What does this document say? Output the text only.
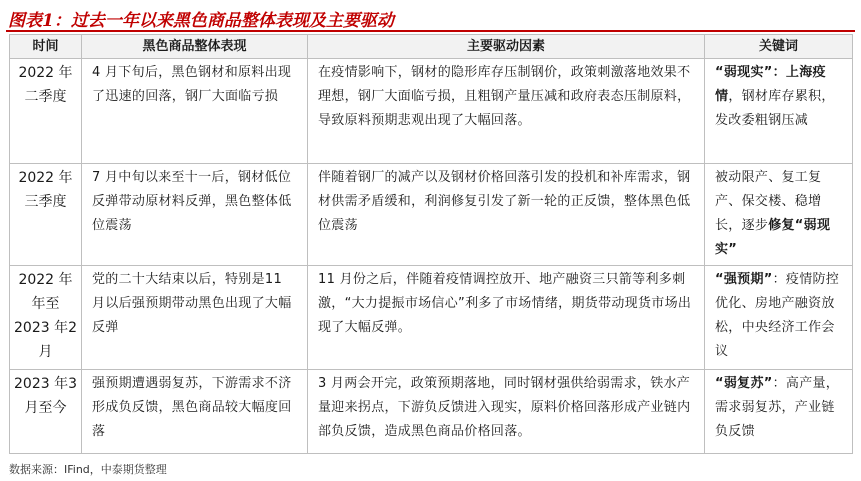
图表1：过去一年以来黑色商品整体表现及主要驱动
时间	黑色商品整体表现	主要驱动因素	关键词
2022 年二季度	4 月下旬后，黑色钢材和原料出现了迅速的回落，钢厂大面临亏损	在疫情影响下，钢材的隐形库存压制钢价，政策刺激落地效果不理想，钢厂大面临亏损，且粗钢产量压减和政府表态压制原料，导致原料预期悲观出现了大幅回落。	“弱现实”：上海疫情，钢材库存累积，发改委粗钢压减
2022 年三季度	7 月中旬以来至十一后，钢材低位反弹带动原材料反弹，黑色整体低位震荡	伴随着钢厂的减产以及钢材价格回落引发的投机和补库需求，钢材供需矛盾缓和，利润修复引发了新一轮的正反馈，整体黑色低位震荡	被动限产、复工复产、保交楼、稳增长，逐步修复“弱现实”
2022 年年至2023 年2 月	党的二十大结束以后，特别是11 月以后强预期带动黑色出现了大幅反弹	11 月份之后，伴随着疫情调控放开、地产融资三只箭等利多刺激，“大力提振市场信心”利多了市场情绪，期货带动现货市场出现了大幅反弹。	“强预期”：疫情防控优化、房地产融资放松，中央经济工作会议
2023 年3 月至今	强预期遭遇弱复苏，下游需求不济形成负反馈，黑色商品较大幅度回落	3 月两会开完，政策预期落地，同时钢材强供给弱需求，铁水产量迎来拐点，下游负反馈进入现实，原料价格回落形成产业链内部负反馈，造成黑色商品价格回落。	“弱复苏”：高产量，需求弱复苏，产业链负反馈
数据来源：IFind，中泰期货整理
